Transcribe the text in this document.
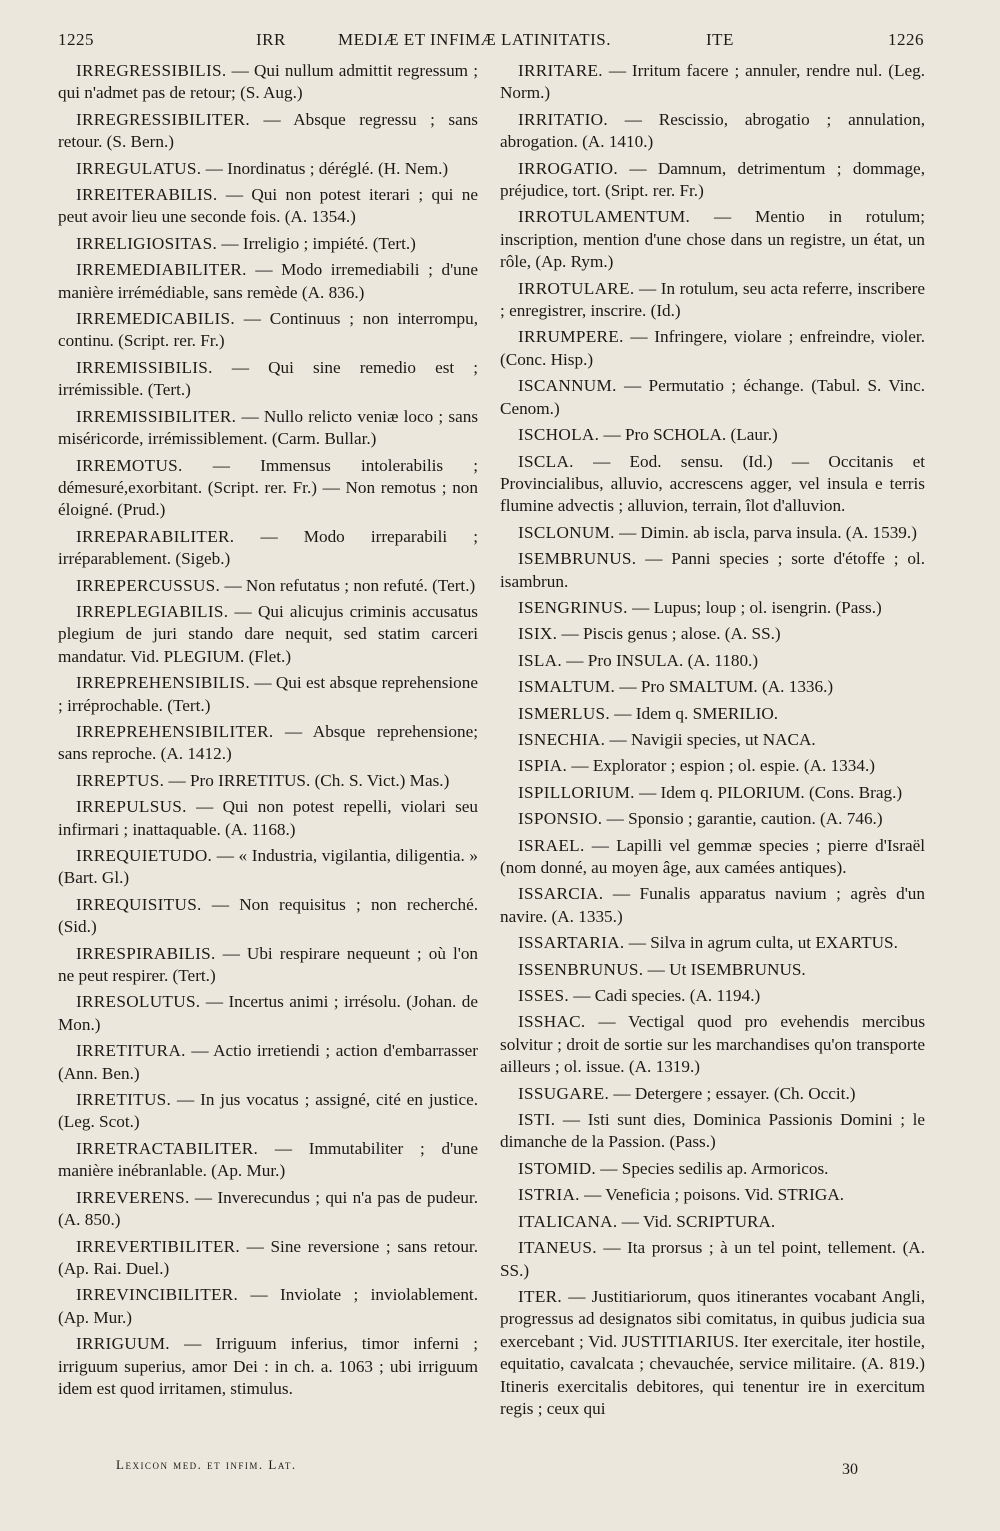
1225	IRR	MEDIÆ ET INFIMÆ LATINITATIS.	ITE	1226

IRREGRESSIBILIS. — Qui nullum admittit regressum ; qui n'admet pas de retour; (S. Aug.)

IRREGRESSIBILITER. — Absque regressu ; sans retour. (S. Bern.)

IRREGULATUS. — Inordinatus ; déréglé. (H. Nem.)

IRREITERABILIS. — Qui non potest iterari ; qui ne peut avoir lieu une seconde fois. (A. 1354.)

IRRELIGIOSITAS. — Irreligio ; impiété. (Tert.)

IRREMEDIABILITER. — Modo irremediabili ; d'une manière irrémédiable, sans remède (A. 836.)

IRREMEDICABILIS. — Continuus ; non interrompu, continu. (Script. rer. Fr.)

IRREMISSIBILIS. — Qui sine remedio est ; irrémissible. (Tert.)

IRREMISSIBILITER. — Nullo relicto veniæ loco ; sans miséricorde, irrémissiblement. (Carm. Bullar.)

IRREMOTUS. — Immensus intolerabilis ; démesuré,exorbitant. (Script. rer. Fr.) — Non remotus ; non éloigné. (Prud.)

IRREPARABILITER. — Modo irreparabili ; irréparablement. (Sigeb.)

IRREPERCUSSUS. — Non refutatus ; non refuté. (Tert.)

IRREPLEGIABILIS. — Qui alicujus criminis accusatus plegium de juri stando dare nequit, sed statim carceri mandatur. Vid. PLEGIUM. (Flet.)

IRREPREHENSIBILIS. — Qui est absque reprehensione ; irréprochable. (Tert.)

IRREPREHENSIBILITER. — Absque reprehensione; sans reproche. (A. 1412.)

IRREPTUS. — Pro IRRETITUS. (Ch. S. Vict.) Mas.)

IRREPULSUS. — Qui non potest repelli, violari seu infirmari ; inattaquable. (A. 1168.)

IRREQUIETUDO. — « Industria, vigilantia, diligentia. » (Bart. Gl.)

IRREQUISITUS. — Non requisitus ; non recherché. (Sid.)

IRRESPIRABILIS. — Ubi respirare nequeunt ; où l'on ne peut respirer. (Tert.)

IRRESOLUTUS. — Incertus animi ; irrésolu. (Johan. de Mon.)

IRRETITURA. — Actio irretiendi ; action d'embarrasser (Ann. Ben.)

IRRETITUS. — In jus vocatus ; assigné, cité en justice. (Leg. Scot.)

IRRETRACTABILITER. — Immutabiliter ; d'une manière inébranlable. (Ap. Mur.)

IRREVERENS. — Inverecundus ; qui n'a pas de pudeur. (A. 850.)

IRREVERTIBILITER. — Sine reversione ; sans retour. (Ap. Rai. Duel.)

IRREVINCIBILITER. — Inviolate ; inviolablement. (Ap. Mur.)

IRRIGUUM. — Irriguum inferius, timor inferni ; irriguum superius, amor Dei : in ch. a. 1063 ; ubi irriguum idem est quod irritamen, stimulus.

IRRITARE. — Irritum facere ; annuler, rendre nul. (Leg. Norm.)

IRRITATIO. — Rescissio, abrogatio ; annulation, abrogation. (A. 1410.)

IRROGATIO. — Damnum, detrimentum ; dommage, préjudice, tort. (Sript. rer. Fr.)

IRROTULAMENTUM. — Mentio in rotulum; inscription, mention d'une chose dans un registre, un état, un rôle, (Ap. Rym.)

IRROTULARE. — In rotulum, seu acta referre, inscribere ; enregistrer, inscrire. (Id.)

IRRUMPERE. — Infringere, violare ; enfreindre, violer. (Conc. Hisp.)

ISCANNUM. — Permutatio ; échange. (Tabul. S. Vinc. Cenom.)

ISCHOLA. — Pro SCHOLA. (Laur.)

ISCLA. — Eod. sensu. (Id.) — Occitanis et Provincialibus, alluvio, accrescens agger, vel insula e terris flumine advectis ; alluvion, terrain, îlot d'alluvion.

ISCLONUM. — Dimin. ab iscla, parva insula. (A. 1539.)

ISEMBRUNUS. — Panni species ; sorte d'étoffe ; ol. isambrun.

ISENGRINUS. — Lupus; loup ; ol. isengrin. (Pass.)

ISIX. — Piscis genus ; alose. (A. SS.)

ISLA. — Pro INSULA. (A. 1180.)

ISMALTUM. — Pro SMALTUM. (A. 1336.)

ISMERLUS. — Idem q. SMERILIO.

ISNECHIA. — Navigii species, ut NACA.

ISPIA. — Explorator ; espion ; ol. espie. (A. 1334.)

ISPILLORIUM. — Idem q. PILORIUM. (Cons. Brag.)

ISPONSIO. — Sponsio ; garantie, caution. (A. 746.)

ISRAEL. — Lapilli vel gemmæ species ; pierre d'Israël (nom donné, au moyen âge, aux camées antiques).

ISSARCIA. — Funalis apparatus navium ; agrès d'un navire. (A. 1335.)

ISSARTARIA. — Silva in agrum culta, ut EXARTUS.

ISSENBRUNUS. — Ut ISEMBRUNUS.

ISSES. — Cadi species. (A. 1194.)

ISSHAC. — Vectigal quod pro evehendis mercibus solvitur ; droit de sortie sur les marchandises qu'on transporte ailleurs ; ol. issue. (A. 1319.)

ISSUGARE. — Detergere ; essayer. (Ch. Occit.)

ISTI. — Isti sunt dies, Dominica Passionis Domini ; le dimanche de la Passion. (Pass.)

ISTOMID. — Species sedilis ap. Armoricos.

ISTRIA. — Veneficia ; poisons. Vid. STRIGA.

ITALICANA. — Vid. SCRIPTURA.

ITANEUS. — Ita prorsus ; à un tel point, tellement. (A. SS.)

ITER. — Justitiariorum, quos itinerantes vocabant Angli, progressus ad designatos sibi comitatus, in quibus judicia sua exercebant ; Vid. JUSTITIARIUS. Iter exercitale, iter hostile, equitatio, cavalcata ; chevauchée, service militaire. (A. 819.) Itineris exercitalis debitores, qui tenentur ire in exercitum regis ; ceux qui

Lexicon med. et infim. Lat.	30
